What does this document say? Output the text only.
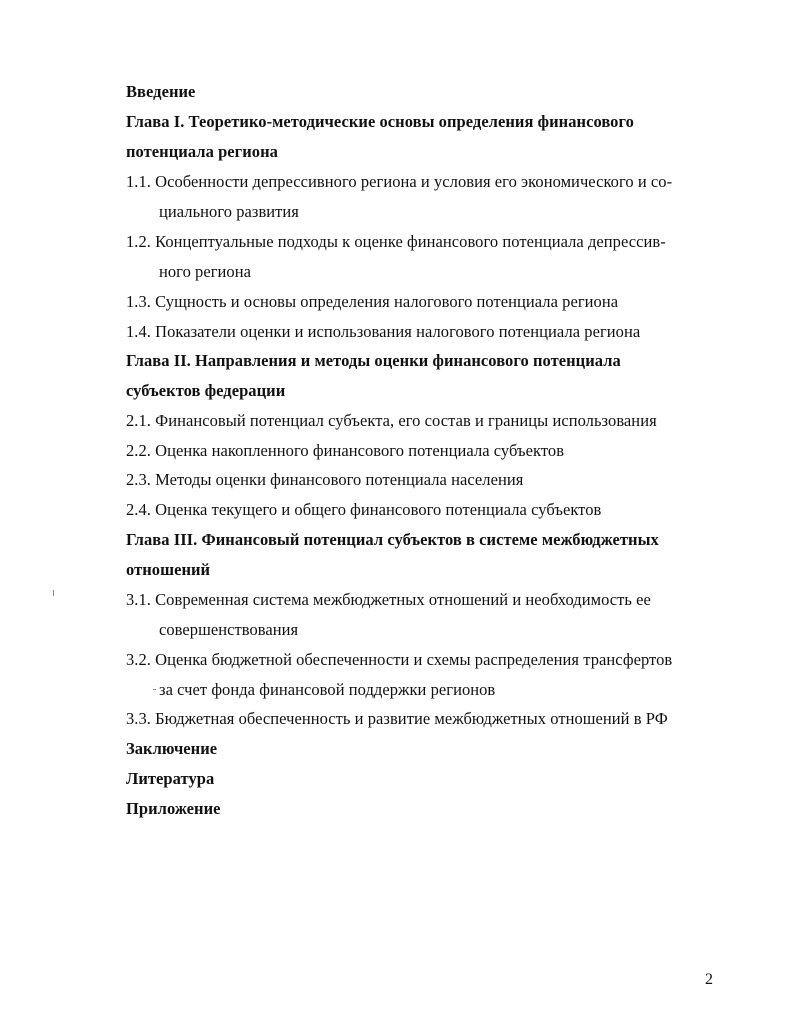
Введение
Глава I. Теоретико-методические основы определения финансового
потенциала региона
1.1. Особенности депрессивного региона и условия его экономического и со-
циального развития
1.2. Концептуальные подходы к оценке финансового потенциала депрессив-
ного региона
1.3. Сущность и основы определения налогового потенциала региона
1.4. Показатели оценки и использования налогового потенциала региона
Глава II. Направления и методы оценки финансового потенциала
субъектов федерации
2.1. Финансовый потенциал субъекта, его состав и границы использования
2.2. Оценка накопленного финансового потенциала субъектов
2.3. Методы оценки финансового потенциала населения
2.4. Оценка текущего и общего финансового потенциала субъектов
Глава III. Финансовый потенциал субъектов в системе межбюджетных
отношений
3.1. Современная система межбюджетных отношений и необходимость ее
совершенствования
3.2. Оценка бюджетной обеспеченности и схемы распределения трансфертов
за счет фонда финансовой поддержки регионов
3.3. Бюджетная обеспеченность и развитие межбюджетных отношений в РФ
Заключение
Литература
Приложение
2
